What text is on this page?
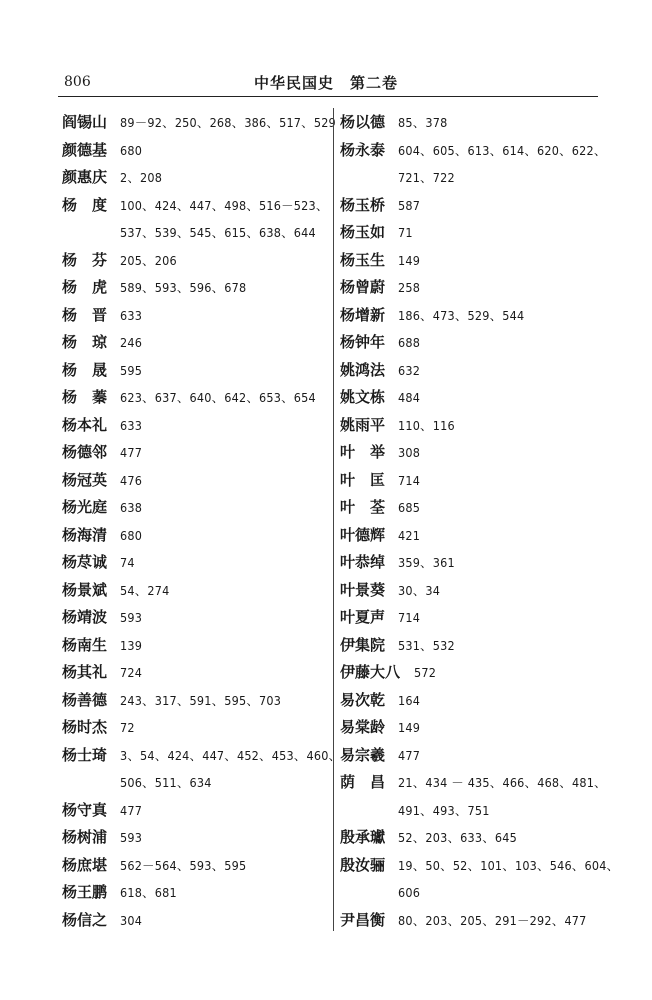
806	中华民国史　第二卷
阎锡山	89－92、250、268、386、517、529
颜德基	680
颜惠庆	2、208
杨　度	100、424、447、498、516－523、
537、539、545、615、638、644
杨　芬	205、206
杨　虎	589、593、596、678
杨　晋	633
杨　琼	246
杨　晟	595
杨　蓁	623、637、640、642、653、654
杨本礼	633
杨德邻	477
杨冠英	476
杨光庭	638
杨海清	680
杨荩诚	74
杨景斌	54、274
杨靖波	593
杨南生	139
杨其礼	724
杨善德	243、317、591、595、703
杨时杰	72
杨士琦	3、54、424、447、452、453、460、
506、511、634
杨守真	477
杨树浦	593
杨庶堪	562－564、593、595
杨王鹏	618、681
杨信之	304
杨以德	85、378
杨永泰	604、605、613、614、620、622、
721、722
杨玉桥	587
杨玉如	71
杨玉生	149
杨曾蔚	258
杨增新	186、473、529、544
杨钟年	688
姚鸿法	632
姚文栋	484
姚雨平	110、116
叶　举	308
叶　匡	714
叶　荃	685
叶德辉	421
叶恭绰	359、361
叶景葵	30、34
叶夏声	714
伊集院	531、532
伊藤大八 572
易次乾	164
易棠龄	149
易宗羲	477
荫　昌	21、434 － 435、466、468、481、
491、493、751
殷承瓛	52、203、633、645
殷汝骊	19、50、52、101、103、546、604、
606
尹昌衡	80、203、205、291－292、477
